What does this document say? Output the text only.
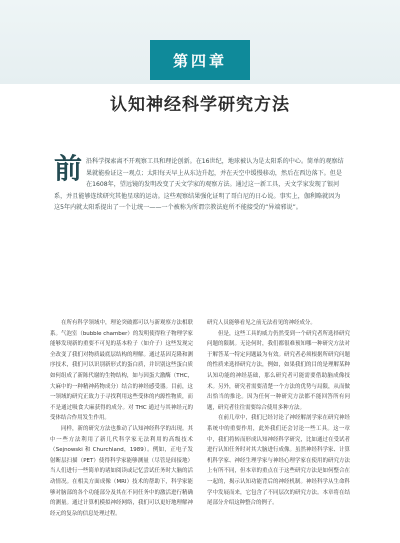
第四章
认知神经科学研究方法
前 沿科学探索离不开观察工具和理论创新。在16世纪，地球被认为是太阳系的中心。简单的观察结果就能验证这一观点；太阳每天早上从东边升起，并在天空中缓慢移动，然后在西边落下。但是在1608年，望远镜的发明改变了天文学家的观察方法。通过这一新工具，天文学家发现了银河系，并且能够连续研究其他星球的运动。这些观察结果强化证明了哥白尼的日心说。事实上，伽利略就因为这5年内就太阳系提出了一个让统一——一个被称为所谓宗教法庭所不能接受的“异端邪说”。

在所有科学领域中，理论突破都可以与新观察方法相联系。气泡室（bubble chamber）的发明使得粒子物理学家能够发现新的重要不可见的基本粒子（如介子）这些发现完全改变了我们对物质最底层结构的理解。通过基因克隆和测序技术，我们可以识别新形式的蛋白质，并识别这些蛋白质如何组成了新陈代谢的生物结构，如与因蛋大激酶（THC，大麻中的一种精神药物成分）结合的神经感受器。目前，这一领域的研究正致力于寻找利用这些受体的内源性物质，而不是通过吸食大麻获得的成分。对 THC 通过与其神经元的受体结合作用发生作用。

同样，新的研究方法也推动了认知神经科学的出现。其中一些方法利用了新几代科学家无法利用的高级技术（Sejnowski 和 Churchland，1989）。例如，正电子发射断层扫描（PET）使得科学家能够测量（尽管是间接地）当人们进行一些简单的诸如阅读或记忆尝试任务时大脑的活动情况。在相关方面成像（MRI）技术的帮助下，科学家能够对脑部的各个功能部分及其在不同任务中的激活进行精确的测量。通过计算机模拟神经网络，我们可以更好地理解神经元的复杂的信息处理过程。

研究人员能够看见之前无法看见的神经成分。

但是，这些工具的威力仍然受到一个研究者所选择研究问题的限制。无论何时，我们都很难预知哪一种研究方法对于解答某一特定问题最为有效。研究者必须根据所研究问题的性质来选择研究方法，例如，如果我们的目的是理解某种认知功能的神经基础，那么研究者可能需要借助脑成像技术。另外，研究者需要清楚一个方法的优势与局限，从而做出恰当的推论。因为任何一种研究方法都不能回答所有问题，研究者往往需要综合使用多种方法。

在前几章中，我们已经讨论了神经解剖学家在研究神经系统中的重要作用，此外我们还会讨论一些工具。这一章中，我们将转而形成认知神经科学研究，比如通过在受试者进行认知任务时对其大脑进行成像。虽然神经科学家、计算机科学家、神经生理学家与神经心理学家在使用的研究方法上有所不同，但本章的重点在于这些研究方法是如何整合在一起的，揭示认知功能背后的神经机制。神经科学从生命科学中发展而来，它包含了不同层次的研究方法。本章将在结尾部分介绍这种整合的例子。
